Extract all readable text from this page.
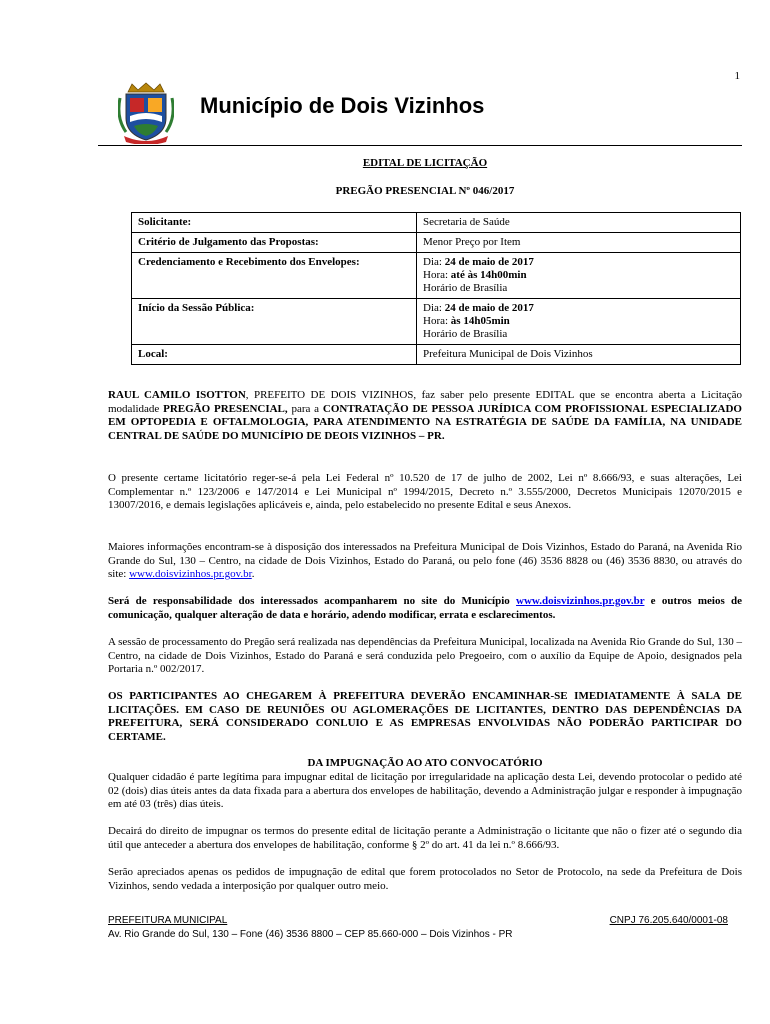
1
Município de Dois Vizinhos
EDITAL DE LICITAÇÃO
PREGÃO PRESENCIAL Nº 046/2017
Solicitante:	Secretaria de Saúde
Critério de Julgamento das Propostas:	Menor Preço por Item
Credenciamento e Recebimento dos Envelopes:	Dia: 24 de maio de 2017
Hora: até às 14h00min
Horário de Brasília

Início da Sessão Pública:	Dia: 24 de maio de 2017
Hora: às 14h05min
Horário de Brasília

Local:	Prefeitura Municipal de Dois Vizinhos

RAUL CAMILO ISOTTON, PREFEITO DE DOIS VIZINHOS, faz saber pelo presente EDITAL que se encontra aberta a Licitação modalidade PREGÃO PRESENCIAL, para a CONTRATAÇÃO DE PESSOA JURÍDICA COM PROFISSIONAL ESPECIALIZADO EM OPTOPEDIA E OFTALMOLOGIA, PARA ATENDIMENTO NA ESTRATÉGIA DE SAÚDE DA FAMÍLIA, NA UNIDADE CENTRAL DE SAÚDE DO MUNICÍPIO DE DEOIS VIZINHOS – PR.

O presente certame licitatório reger-se-á pela Lei Federal nº 10.520 de 17 de julho de 2002, Lei nº 8.666/93, e suas alterações, Lei Complementar n.º 123/2006 e 147/2014 e Lei Municipal nº 1994/2015, Decreto n.º 3.555/2000, Decretos Municipais 12070/2015 e 13007/2016, e demais legislações aplicáveis e, ainda, pelo estabelecido no presente Edital e seus Anexos.

Maiores informações encontram-se à disposição dos interessados na Prefeitura Municipal de Dois Vizinhos, Estado do Paraná, na Avenida Rio Grande do Sul, 130 – Centro, na cidade de Dois Vizinhos, Estado do Paraná, ou pelo fone (46) 3536 8828 ou (46) 3536 8830, ou através do site: www.doisvizinhos.pr.gov.br.

Será de responsabilidade dos interessados acompanharem no site do Município www.doisvizinhos.pr.gov.br e outros meios de comunicação, qualquer alteração de data e horário, adendo modificar, errata e esclarecimentos.

A sessão de processamento do Pregão será realizada nas dependências da Prefeitura Municipal, localizada na Avenida Rio Grande do Sul, 130 – Centro, na cidade de Dois Vizinhos, Estado do Paraná e será conduzida pelo Pregoeiro, com o auxílio da Equipe de Apoio, designados pela Portaria n.º 002/2017.

OS PARTICIPANTES AO CHEGAREM À PREFEITURA DEVERÃO ENCAMINHAR-SE IMEDIATAMENTE À SALA DE LICITAÇÕES. EM CASO DE REUNIÕES OU AGLOMERAÇÕES DE LICITANTES, DENTRO DAS DEPENDÊNCIAS DA PREFEITURA, SERÁ CONSIDERADO CONLUIO E AS EMPRESAS ENVOLVIDAS NÃO PODERÃO PARTICIPAR DO CERTAME.

DA IMPUGNAÇÃO AO ATO CONVOCATÓRIO

Qualquer cidadão é parte legítima para impugnar edital de licitação por irregularidade na aplicação desta Lei, devendo protocolar o pedido até 02 (dois) dias úteis antes da data fixada para a abertura dos envelopes de habilitação, devendo a Administração julgar e responder à impugnação em até 03 (três) dias úteis.

Decairá do direito de impugnar os termos do presente edital de licitação perante a Administração o licitante que não o fizer até o segundo dia útil que anteceder a abertura dos envelopes de habilitação, conforme § 2º do art. 41 da lei n.º 8.666/93.

Serão apreciados apenas os pedidos de impugnação de edital que forem protocolados no Setor de Protocolo, na sede da Prefeitura de Dois Vizinhos, sendo vedada a interposição por qualquer outro meio.

PREFEITURA MUNICIPAL	CNPJ 76.205.640/0001-08
Av. Rio Grande do Sul, 130 – Fone (46) 3536 8800 – CEP 85.660-000 – Dois Vizinhos - PR
